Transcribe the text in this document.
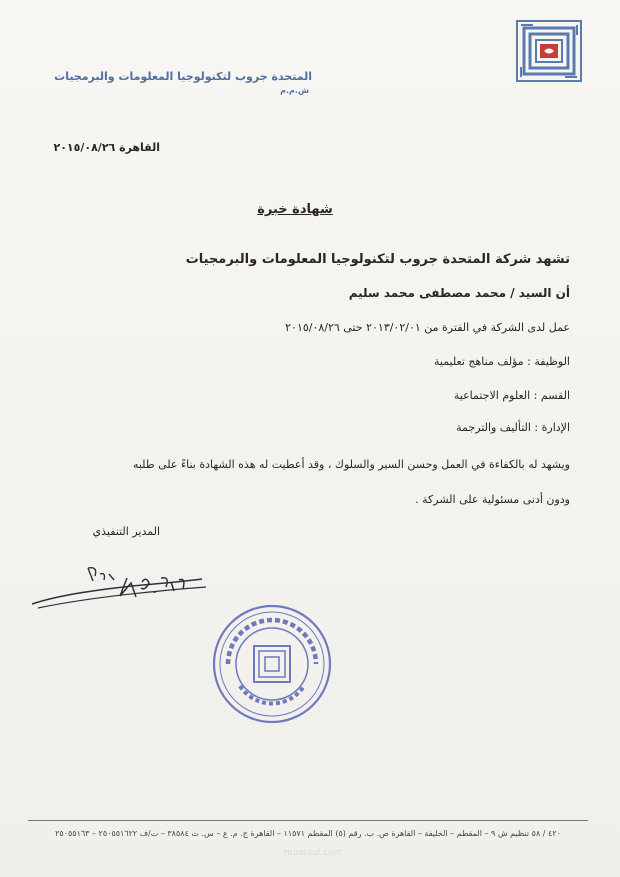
المتحدة جروب لتكنولوجيا المعلومات والبرمجيات ش.م.م
القاهرة ٢٠١٥/٠٨/٢٦
شهادة خبرة
تشهد شركة المتحدة جروب لتكنولوجيا المعلومات والبرمجيات
أن السيد / محمد مصطفى محمد سليم
عمل لدى الشركة في الفترة من ٢٠١٣/٠٢/٠١ حتى ٢٠١٥/٠٨/٢٦
الوظيفة : مؤلف مناهج تعليمية
القسم : العلوم الاجتماعية
الإدارة : التأليف والترجمة
ويشهد له بالكفاءة في العمل وحسن السير والسلوك ، وقد أعطيت له هذه الشهادة بناءً على طلبه
ودون أدنى مسئولية على الشركة .
المدير التنفيذي
٤٢٠ / ٥٨ تنظيم ش ٩ – المقطم – الخليفة – القاهرة ص. ب. رقم (٥) المقطم ١١٥٧١ – القاهرة ج. م. ع – س. ت ٣٨٥٨٤ – ت/ف ٢٥٠٥٥١٦٢٢ – ٢٥٠٥٥١٦٣
mostaql.com
